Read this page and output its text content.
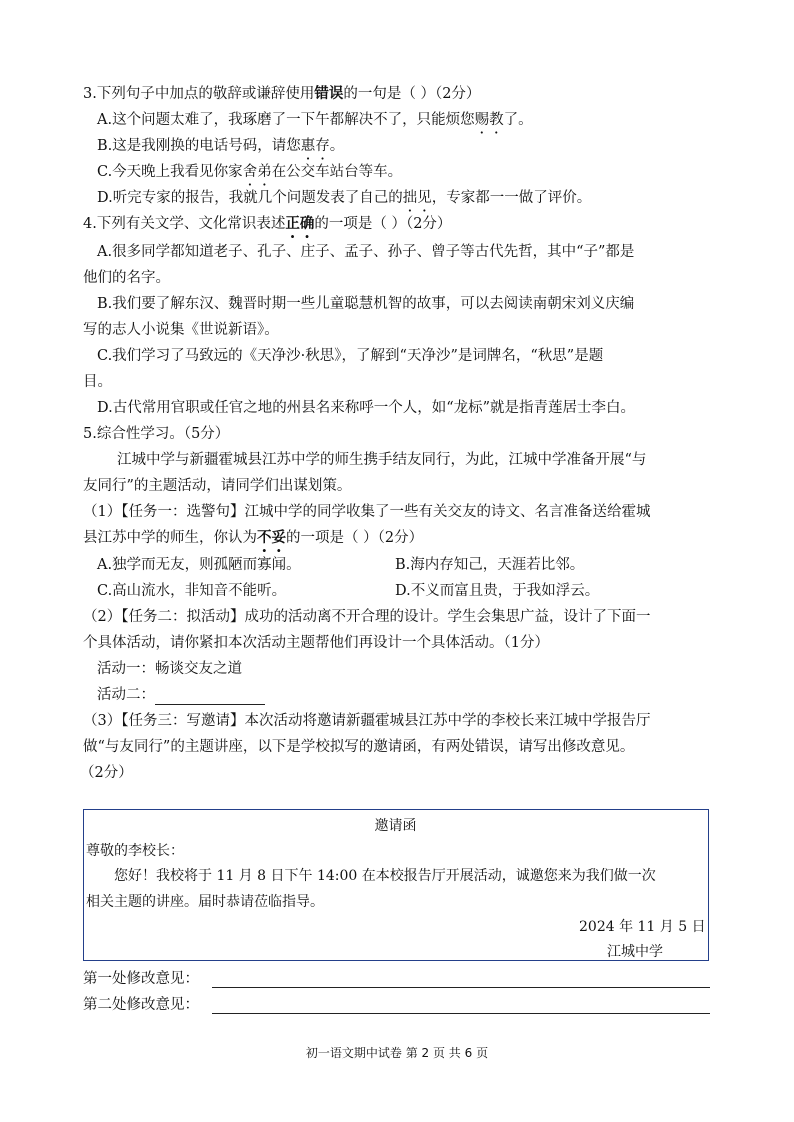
3.下列句子中加点的敬辞或谦辞使用错误的一句是（ ）（2分）
A.这个问题太难了，我琢磨了一下午都解决不了，只能烦您赐教了。
B.这是我刚换的电话号码，请您惠存。
C.今天晚上我看见你家舍弟在公交车站台等车。
D.听完专家的报告，我就几个问题发表了自己的拙见，专家都一一做了评价。
4.下列有关文学、文化常识表述正确的一项是（ ）（2分）
A.很多同学都知道老子、孔子、庄子、孟子、孙子、曾子等古代先哲，其中“子”都是
他们的名字。
B.我们要了解东汉、魏晋时期一些儿童聪慧机智的故事，可以去阅读南朝宋刘义庆编
写的志人小说集《世说新语》。
C.我们学习了马致远的《天净沙·秋思》，了解到“天净沙”是词牌名，“秋思”是题
目。
D.古代常用官职或任官之地的州县名来称呼一个人，如“龙标”就是指青莲居士李白。
5.综合性学习。（5分）
江城中学与新疆霍城县江苏中学的师生携手结友同行，为此，江城中学准备开展“与
友同行”的主题活动，请同学们出谋划策。
（1）【任务一：选警句】江城中学的同学收集了一些有关交友的诗文、名言准备送给霍城
县江苏中学的师生，你认为不妥的一项是（ ）（2分）
A.独学而无友，则孤陋而寡闻。	B.海内存知己，天涯若比邻。
C.高山流水，非知音不能听。	D.不义而富且贵，于我如浮云。
（2）【任务二：拟活动】成功的活动离不开合理的设计。学生会集思广益，设计了下面一
个具体活动，请你紧扣本次活动主题帮他们再设计一个具体活动。（1分）
活动一：畅谈交友之道
活动二：
（3）【任务三：写邀请】本次活动将邀请新疆霍城县江苏中学的李校长来江城中学报告厅
做“与友同行”的主题讲座，以下是学校拟写的邀请函，有两处错误，请写出修改意见。
（2分）
邀请函
尊敬的李校长：
您好！我校将于 11 月 8 日下午 14:00 在本校报告厅开展活动，诚邀您来为我们做一次
相关主题的讲座。届时恭请莅临指导。
2024 年 11 月 5 日
江城中学
第一处修改意见：
第二处修改意见：
初一语文期中试卷 第 2 页 共 6 页
